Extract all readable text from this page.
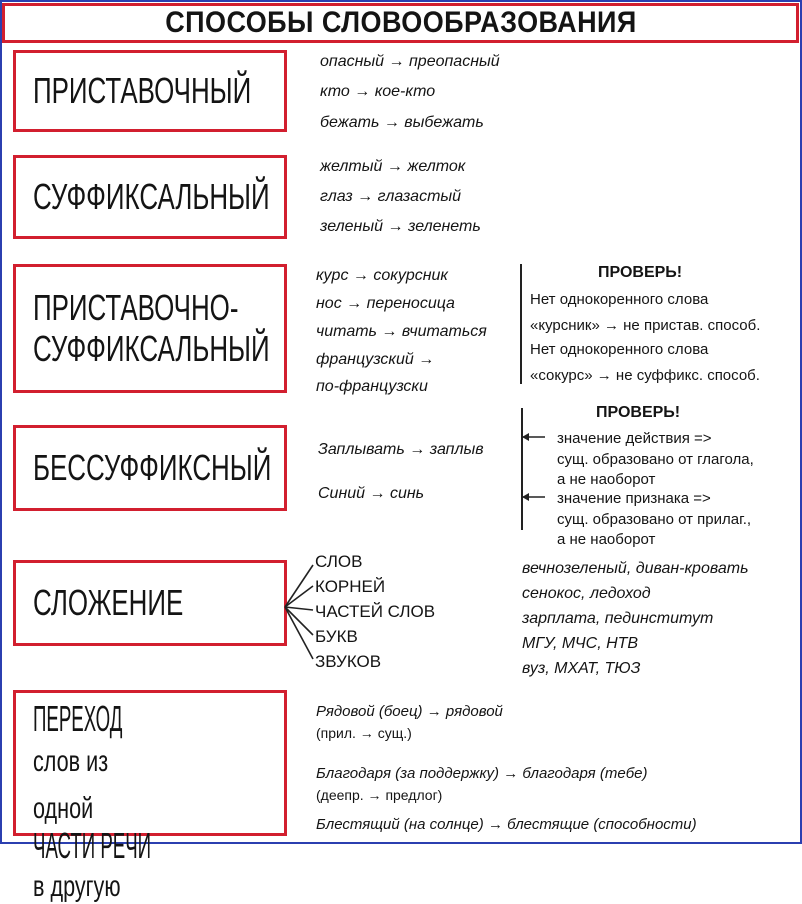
СПОСОБЫ СЛОВООБРАЗОВАНИЯ
ПРИСТАВОЧНЫЙ
опасный → преопасный
кто → кое-кто
бежать → выбежать
СУФФИКСАЛЬНЫЙ
желтый → желток
глаз → глазастый
зеленый → зеленеть
ПРИСТАВОЧНО-
СУФФИКСАЛЬНЫЙ
курс → сокурсник
нос → переносица
читать → вчитаться
французский →
по-французски
ПРОВЕРЬ!
Нет однокоренного слова
«курсник» → не пристав. способ.
Нет однокоренного слова
«сокурс» → не суффикс. способ.
БЕССУФФИКСНЫЙ	Заплывать → заплыв
Синий → синь
ПРОВЕРЬ!
значение действия =>
сущ. образовано от глагола,
а не наоборот
значение признака =>
сущ. образовано от прилаг.,
а не наоборот
СЛОЖЕНИЕ
СЛОВ
КОРНЕЙ
ЧАСТЕЙ СЛОВ
БУКВ
ЗВУКОВ
вечнозеленый, диван-кровать
сенокос, ледоход
зарплата, пединститут
МГУ, МЧС, НТВ
вуз, МХАТ, ТЮЗ
ПЕРЕХОД
слов из
одной
ЧАСТИ РЕЧИ
в другую
Рядовой (боец) → рядовой
(прил. → сущ.)
Благодаря (за поддержку) → благодаря (тебе)
(деепр. → предлог)
Блестящий (на солнце) → блестящие (способности)
